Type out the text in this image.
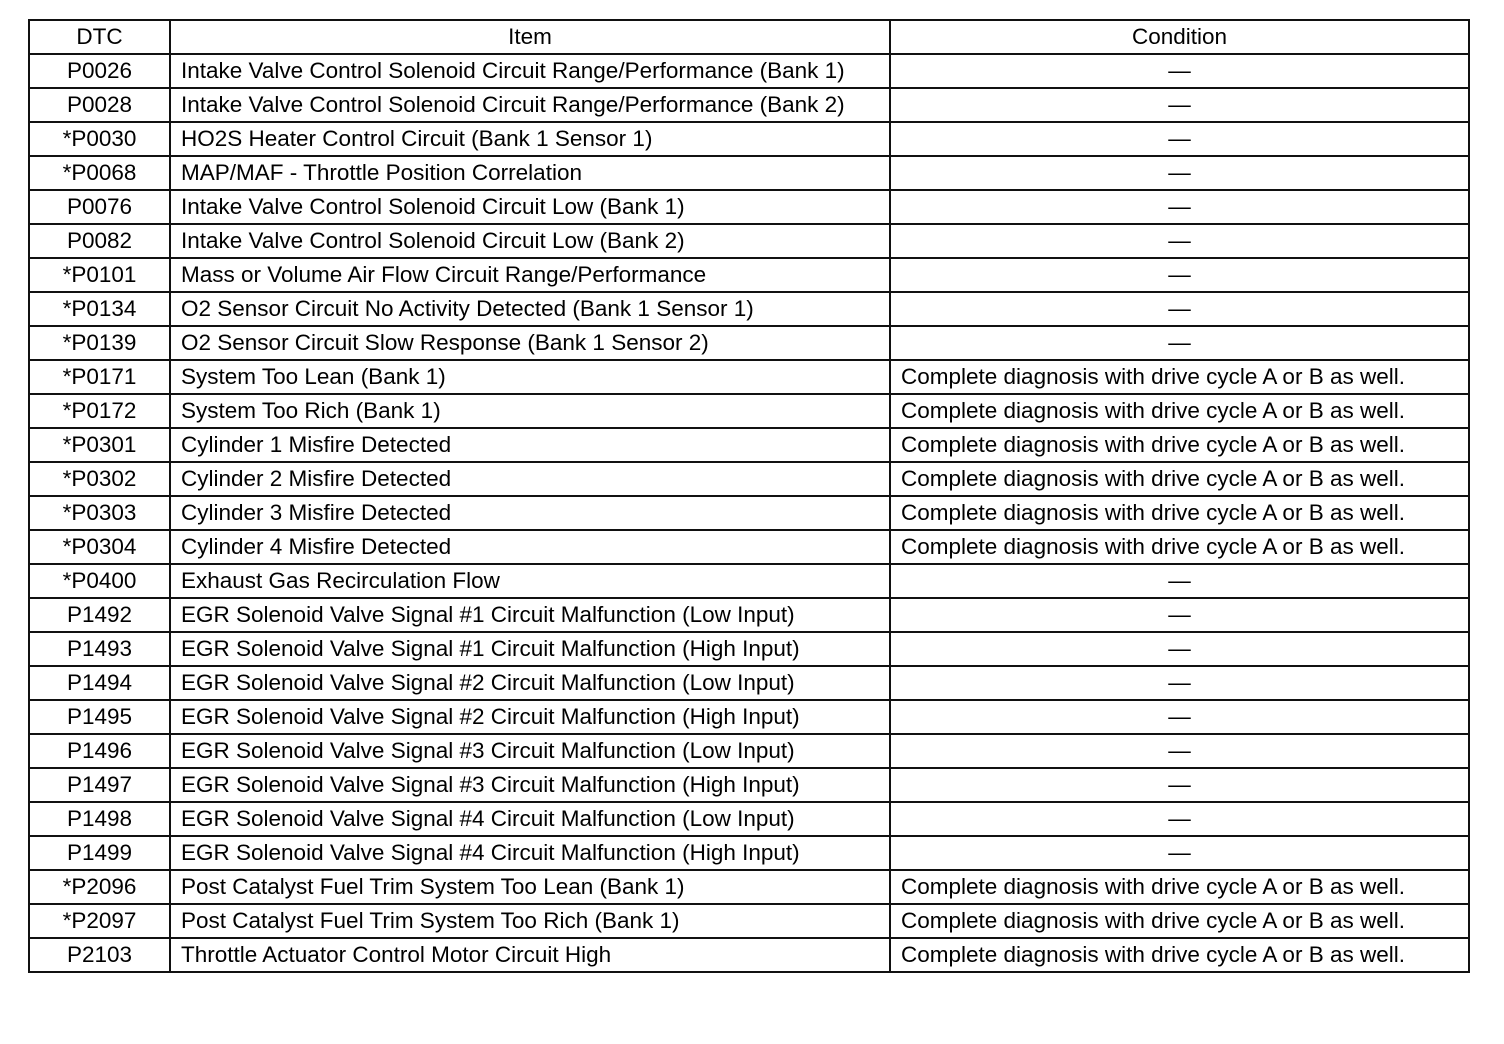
DTC	Item	Condition
P0026	Intake Valve Control Solenoid Circuit Range/Performance (Bank 1)	—
P0028	Intake Valve Control Solenoid Circuit Range/Performance (Bank 2)	—
*P0030	HO2S Heater Control Circuit (Bank 1 Sensor 1)	—
*P0068	MAP/MAF - Throttle Position Correlation	—
P0076	Intake Valve Control Solenoid Circuit Low (Bank 1)	—
P0082	Intake Valve Control Solenoid Circuit Low (Bank 2)	—
*P0101	Mass or Volume Air Flow Circuit Range/Performance	—
*P0134	O2 Sensor Circuit No Activity Detected (Bank 1 Sensor 1)	—
*P0139	O2 Sensor Circuit Slow Response (Bank 1 Sensor 2)	—
*P0171	System Too Lean (Bank 1)	Complete diagnosis with drive cycle A or B as well.
*P0172	System Too Rich (Bank 1)	Complete diagnosis with drive cycle A or B as well.
*P0301	Cylinder 1 Misfire Detected	Complete diagnosis with drive cycle A or B as well.
*P0302	Cylinder 2 Misfire Detected	Complete diagnosis with drive cycle A or B as well.
*P0303	Cylinder 3 Misfire Detected	Complete diagnosis with drive cycle A or B as well.
*P0304	Cylinder 4 Misfire Detected	Complete diagnosis with drive cycle A or B as well.
*P0400	Exhaust Gas Recirculation Flow	—
P1492	EGR Solenoid Valve Signal #1 Circuit Malfunction (Low Input)	—
P1493	EGR Solenoid Valve Signal #1 Circuit Malfunction (High Input)	—
P1494	EGR Solenoid Valve Signal #2 Circuit Malfunction (Low Input)	—
P1495	EGR Solenoid Valve Signal #2 Circuit Malfunction (High Input)	—
P1496	EGR Solenoid Valve Signal #3 Circuit Malfunction (Low Input)	—
P1497	EGR Solenoid Valve Signal #3 Circuit Malfunction (High Input)	—
P1498	EGR Solenoid Valve Signal #4 Circuit Malfunction (Low Input)	—
P1499	EGR Solenoid Valve Signal #4 Circuit Malfunction (High Input)	—
*P2096	Post Catalyst Fuel Trim System Too Lean (Bank 1)	Complete diagnosis with drive cycle A or B as well.
*P2097	Post Catalyst Fuel Trim System Too Rich (Bank 1)	Complete diagnosis with drive cycle A or B as well.
P2103	Throttle Actuator Control Motor Circuit High	Complete diagnosis with drive cycle A or B as well.
